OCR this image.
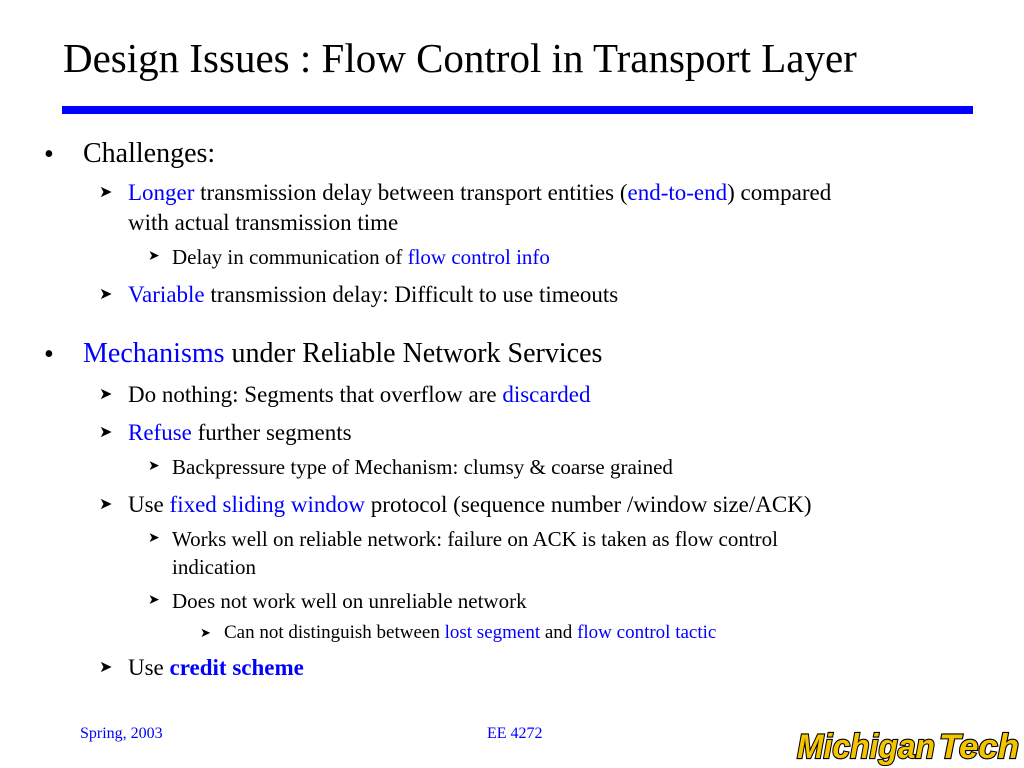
Design Issues : Flow Control in Transport Layer
• Challenges:
➤ Longer transmission delay between transport entities (end-to-end) compared
with actual transmission time
➤ Delay in communication of flow control info
➤ Variable transmission delay: Difficult to use timeouts
• Mechanisms under Reliable Network Services
➤ Do nothing: Segments that overflow are discarded
➤ Refuse further segments
➤ Backpressure type of Mechanism: clumsy & coarse grained
➤ Use fixed sliding window protocol (sequence number /window size/ACK)
➤ Works well on reliable network: failure on ACK is taken as flow control
indication
➤ Does not work well on unreliable network
➤ Can not distinguish between lost segment and flow control tactic
➤ Use credit scheme
Spring, 2003	EE 4272	Michigan Tech
